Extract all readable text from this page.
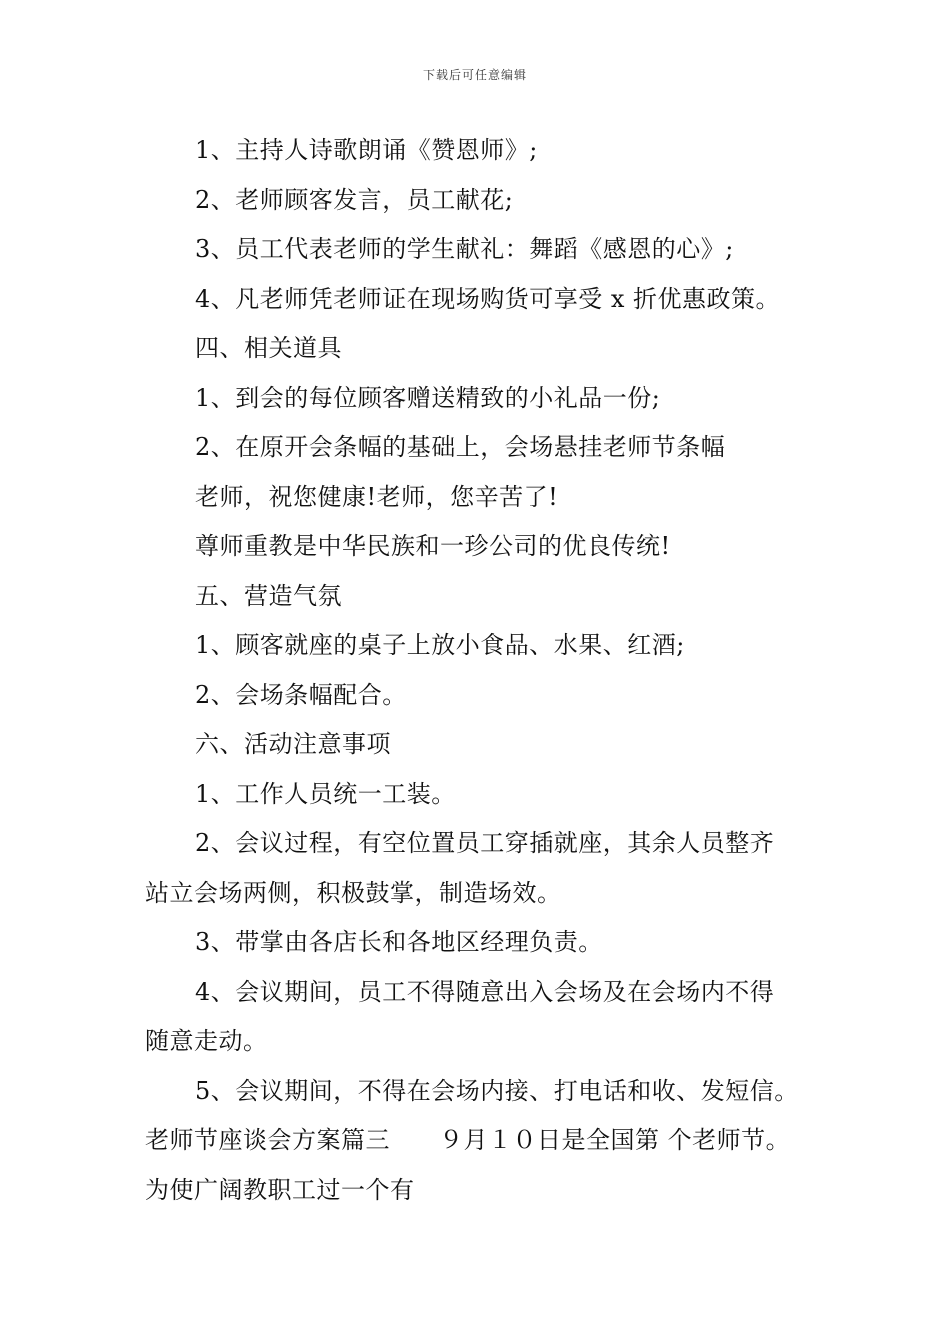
下载后可任意编辑
1、主持人诗歌朗诵《赞恩师》;
2、老师顾客发言，员工献花;
3、员工代表老师的学生献礼：舞蹈《感恩的心》;
4、凡老师凭老师证在现场购货可享受 x 折优惠政策。
四、相关道具
1、到会的每位顾客赠送精致的小礼品一份;
2、在原开会条幅的基础上，会场悬挂老师节条幅
老师，祝您健康!老师，您辛苦了!
尊师重教是中华民族和一珍公司的优良传统!
五、营造气氛
1、顾客就座的桌子上放小食品、水果、红酒;
2、会场条幅配合。
六、活动注意事项
1、工作人员统一工装。
2、会议过程，有空位置员工穿插就座，其余人员整齐
站立会场两侧，积极鼓掌，制造场效。
3、带掌由各店长和各地区经理负责。
4、会议期间，员工不得随意出入会场及在会场内不得
随意走动。
5、会议期间，不得在会场内接、打电话和收、发短信。
老师节座谈会方案篇三　　９月１０日是全国第 个老师节。
为使广阔教职工过一个有
